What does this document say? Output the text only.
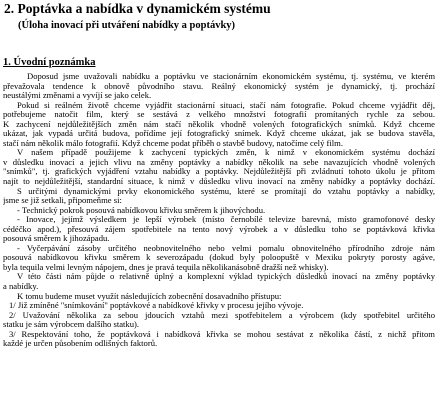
2. Poptávka a nabídka v dynamickém systému
(Úloha inovací při utváření nabídky a poptávky)
1. Úvodní poznámka
Doposud jsme uvažovali nabídku a poptávku ve stacionárním ekonomickém systému, tj. systému, ve kterém
převažovala tendence k obnově původního stavu. Reálný ekonomický systém je dynamický, tj. prochází
neustálými změnami a vyvíjí se jako celek.
Pokud si reálném životě chceme vyjádřit stacionární situaci, stačí nám fotografie. Pokud chceme vyjádřit děj,
potřebujeme natočit film, který se sestává z velkého množství fotografií promítaných rychle za sebou.
K zachycení nejdůležitějších změn nám stačí několik vhodně volených fotografických snímků. Když chceme
ukázat, jak vypadá určitá budova, pořídíme její fotografický snímek. Když chceme ukázat, jak se budova stavěla,
stačí nám několik málo fotografií. Když chceme podat příběh o stavbě budovy, natočíme celý film.
V našem případě použijeme k zachycení typických změn, k nimž v ekonomickém systému dochází
v důsledku inovací a jejich vlivu na změny poptávky a nabídky několik na sebe navazujících vhodně volených
"snímků", tj. grafických vyjádření vztahu nabídky a poptávky. Nejdůležitější při zvládnutí tohoto úkolu je přitom
najít to nejdůležitější, standardní situace, k nimž v důsledku vlivu inovací na změny nabídky a poptávky dochází.
S určitými dynamickými prvky ekonomického systému, které se promítají do vztahu poptávky a nabídky,
jsme se již setkali, připomeňme si:
- Technický pokrok posouvá nabídkovou křivku směrem k jihovýchodu.
- Inovace, jejímž výsledkem je lepší výrobek (místo černobílé televize barevná, místo gramofonové desky
cédéčko apod.), přesouvá zájem spotřebitele na tento nový výrobek a v důsledku toho se poptávková křivka
posouvá směrem k jihozápadu.
- Vyčerpávání zásoby určitého neobnovitelného nebo velmi pomalu obnovitelného přírodního zdroje nám
posouvá nabídkovou křivku směrem k severozápadu (dokud byly poloopuště v Mexiku pokryty porosty agáve,
byla tequila velmi levným nápojem, dnes je pravá tequila několikanásobně dražší než whisky).
V této části nám půjde o relativně úplný a komplexní výklad typických důsledků inovací na změny poptávky
a nabídky.
K tomu budeme muset využít následujících zobecnění dosavadního přístupu:
1/ Již zmíněné "snímkování" poptávkové a nabídkové křivky v procesu jejího vývoje.
2/ Uvažování několika za sebou jdoucích vztahů mezi spotřebitelem a výrobcem (kdy spotřebitel určitého
statku je sám výrobcem dalšího statku).
3/ Respektování toho, že poptávková i nabídková křivka se mohou sestávat z několika částí, z nichž přitom
každé je určen působením odlišných faktorů.
